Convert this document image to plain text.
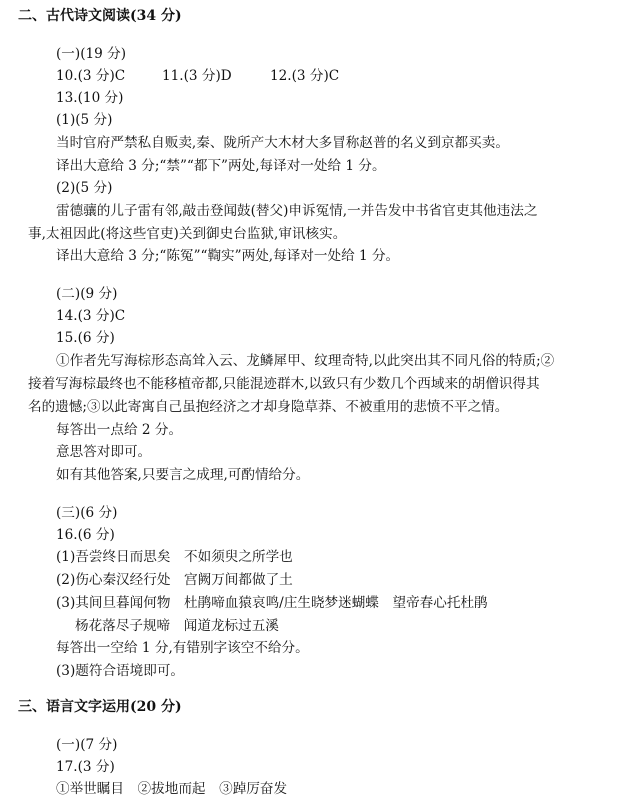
二、古代诗文阅读(34 分)
(一)(19 分)
10.(3 分)C	11.(3 分)D	12.(3 分)C
13.(10 分)
(1)(5 分)
当时官府严禁私自贩卖,秦、陇所产大木材大多冒称赵普的名义到京都买卖。
译出大意给 3 分;“禁”“都下”两处,每译对一处给 1 分。
(2)(5 分)
雷德骧的儿子雷有邻,敲击登闻鼓(替父)申诉冤情,一并告发中书省官吏其他违法之
事,太祖因此(将这些官吏)关到御史台监狱,审讯核实。
译出大意给 3 分;“陈冤”“鞫实”两处,每译对一处给 1 分。
(二)(9 分)
14.(3 分)C
15.(6 分)
①作者先写海棕形态高耸入云、龙鳞犀甲、纹理奇特,以此突出其不同凡俗的特质;②
接着写海棕最终也不能移植帝都,只能混迹群木,以致只有少数几个西域来的胡僧识得其
名的遗憾;③以此寄寓自己虽抱经济之才却身隐草莽、不被重用的悲愤不平之情。
每答出一点给 2 分。
意思答对即可。
如有其他答案,只要言之成理,可酌情给分。
(三)(6 分)
16.(6 分)
(1)吾尝终日而思矣　不如须臾之所学也
(2)伤心秦汉经行处　宫阙万间都做了土
(3)其间旦暮闻何物　杜鹃啼血猿哀鸣/庄生晓梦迷蝴蝶　望帝春心托杜鹃
杨花落尽子规啼　闻道龙标过五溪
每答出一空给 1 分,有错别字该空不给分。
(3)题符合语境即可。
三、语言文字运用(20 分)
(一)(7 分)
17.(3 分)
①举世瞩目　②拔地而起　③踔厉奋发
